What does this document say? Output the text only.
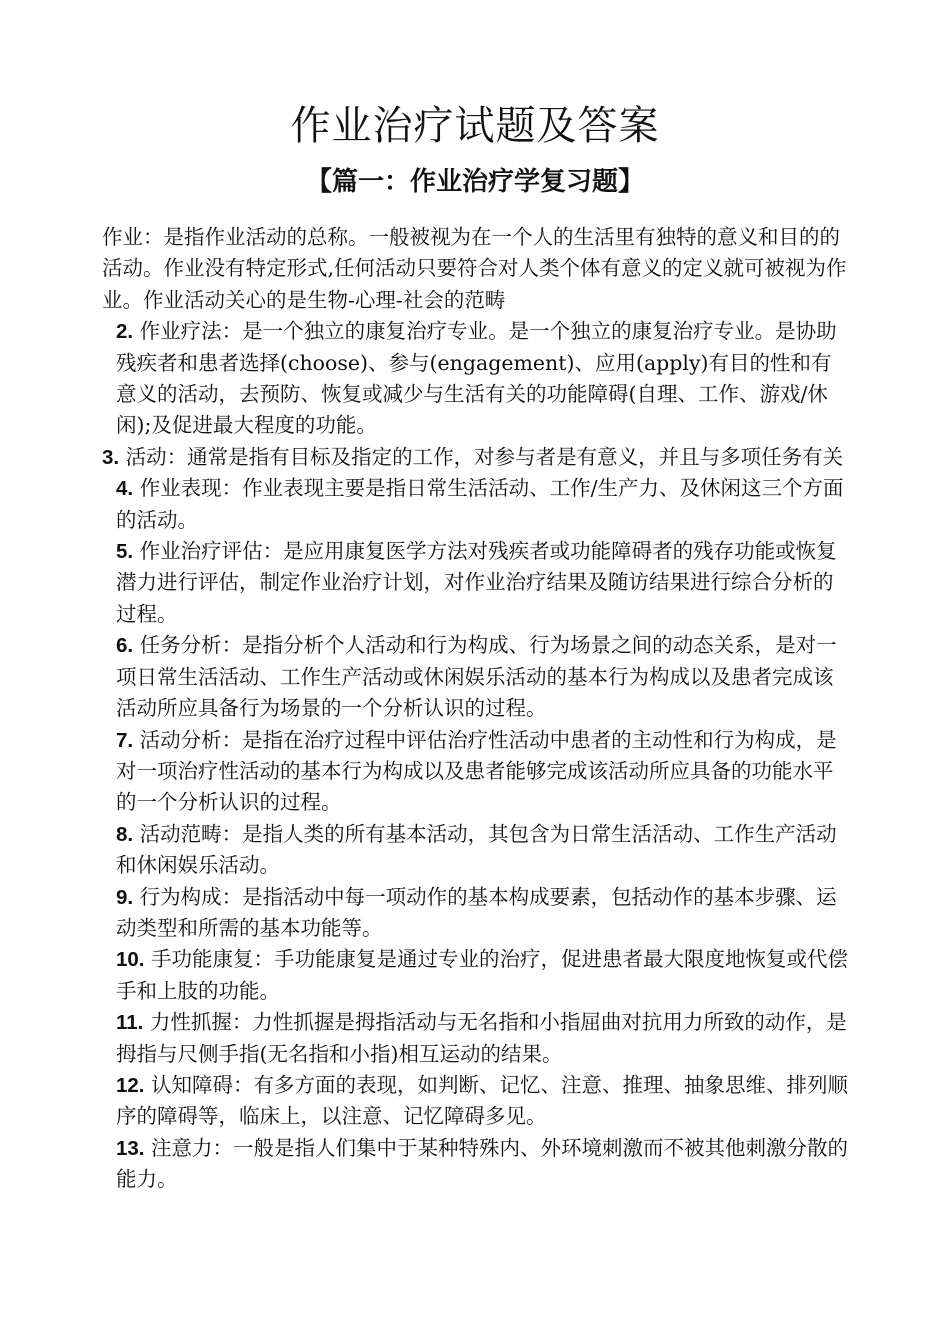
作业治疗试题及答案
【篇一：作业治疗学复习题】

作业：是指作业活动的总称。一般被视为在一个人的生活里有独特的意义和目的的活动。作业没有特定形式,任何活动只要符合对人类个体有意义的定义就可被视为作业。作业活动关心的是生物-心理-社会的范畴

2. 作业疗法：是一个独立的康复治疗专业。是一个独立的康复治疗专业。是协助残疾者和患者选择(choose)、参与(engagement)、应用(apply)有目的性和有意义的活动，去预防、恢复或减少与生活有关的功能障碍(自理、工作、游戏/休闲);及促进最大程度的功能。

3. 活动：通常是指有目标及指定的工作，对参与者是有意义，并且与多项任务有关

4. 作业表现：作业表现主要是指日常生活活动、工作/生产力、及休闲这三个方面的活动。

5. 作业治疗评估：是应用康复医学方法对残疾者或功能障碍者的残存功能或恢复潜力进行评估，制定作业治疗计划，对作业治疗结果及随访结果进行综合分析的过程。

6. 任务分析：是指分析个人活动和行为构成、行为场景之间的动态关系，是对一项日常生活活动、工作生产活动或休闲娱乐活动的基本行为构成以及患者完成该活动所应具备行为场景的一个分析认识的过程。

7. 活动分析：是指在治疗过程中评估治疗性活动中患者的主动性和行为构成，是对一项治疗性活动的基本行为构成以及患者能够完成该活动所应具备的功能水平的一个分析认识的过程。

8. 活动范畴：是指人类的所有基本活动，其包含为日常生活活动、工作生产活动和休闲娱乐活动。

9. 行为构成：是指活动中每一项动作的基本构成要素，包括动作的基本步骤、运动类型和所需的基本功能等。

10. 手功能康复：手功能康复是通过专业的治疗，促进患者最大限度地恢复或代偿手和上肢的功能。

11. 力性抓握：力性抓握是拇指活动与无名指和小指屈曲对抗用力所致的动作，是拇指与尺侧手指(无名指和小指)相互运动的结果。

12. 认知障碍：有多方面的表现，如判断、记忆、注意、推理、抽象思维、排列顺序的障碍等，临床上，以注意、记忆障碍多见。

13. 注意力：一般是指人们集中于某种特殊内、外环境刺激而不被其他刺激分散的能力。
